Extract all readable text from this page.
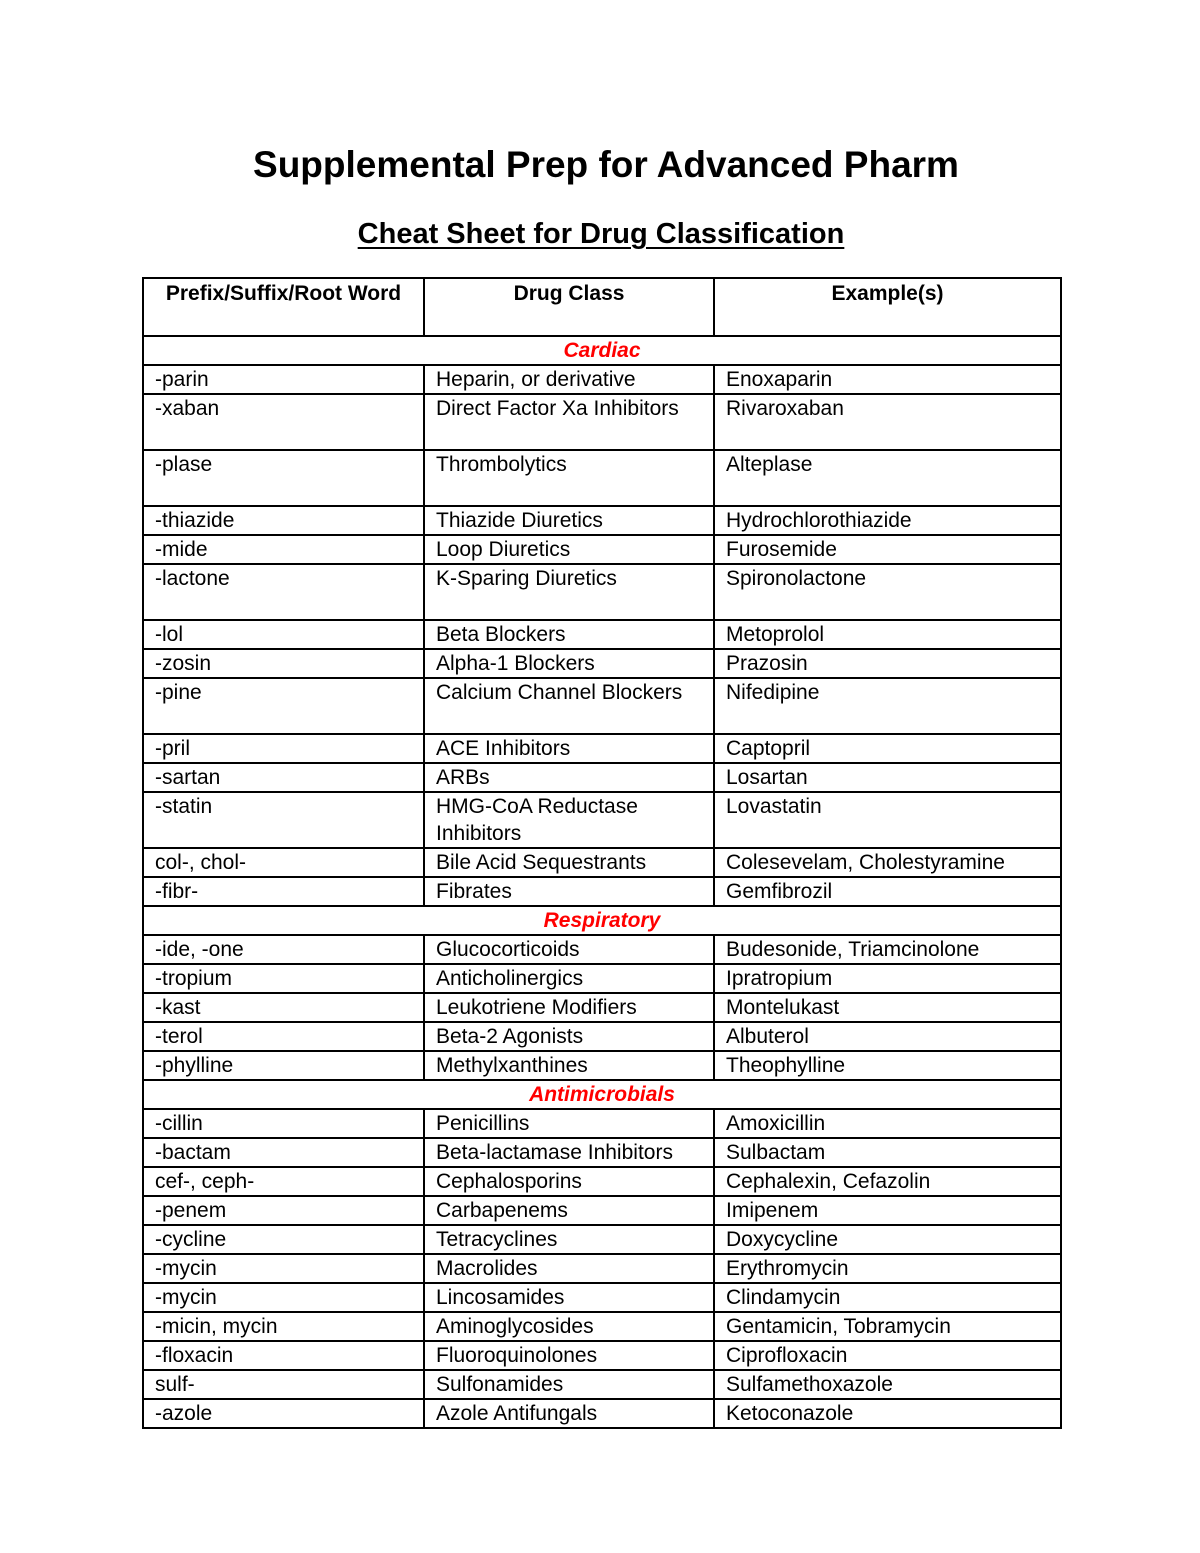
Supplemental Prep for Advanced Pharm
Cheat Sheet for Drug Classification
Prefix/Suffix/Root Word	Drug Class	Example(s)
Cardiac		
-parin	Heparin, or derivative	Enoxaparin
-xaban	Direct Factor Xa Inhibitors	Rivaroxaban
-plase	Thrombolytics	Alteplase
-thiazide	Thiazide Diuretics	Hydrochlorothiazide
-mide	Loop Diuretics	Furosemide
-lactone	K-Sparing Diuretics	Spironolactone
-lol	Beta Blockers	Metoprolol
-zosin	Alpha-1 Blockers	Prazosin
-pine	Calcium Channel Blockers	Nifedipine
-pril	ACE Inhibitors	Captopril
-sartan	ARBs	Losartan
-statin	HMG-CoA Reductase Inhibitors	Lovastatin
col-, chol-	Bile Acid Sequestrants	Colesevelam, Cholestyramine
-fibr-	Fibrates	Gemfibrozil
Respiratory		
-ide, -one	Glucocorticoids	Budesonide, Triamcinolone
-tropium	Anticholinergics	Ipratropium
-kast	Leukotriene Modifiers	Montelukast
-terol	Beta-2 Agonists	Albuterol
-phylline	Methylxanthines	Theophylline
Antimicrobials		
-cillin	Penicillins	Amoxicillin
-bactam	Beta-lactamase Inhibitors	Sulbactam
cef-, ceph-	Cephalosporins	Cephalexin, Cefazolin
-penem	Carbapenems	Imipenem
-cycline	Tetracyclines	Doxycycline
-mycin	Macrolides	Erythromycin
-mycin	Lincosamides	Clindamycin
-micin, mycin	Aminoglycosides	Gentamicin, Tobramycin
-floxacin	Fluoroquinolones	Ciprofloxacin
sulf-	Sulfonamides	Sulfamethoxazole
-azole	Azole Antifungals	Ketoconazole
